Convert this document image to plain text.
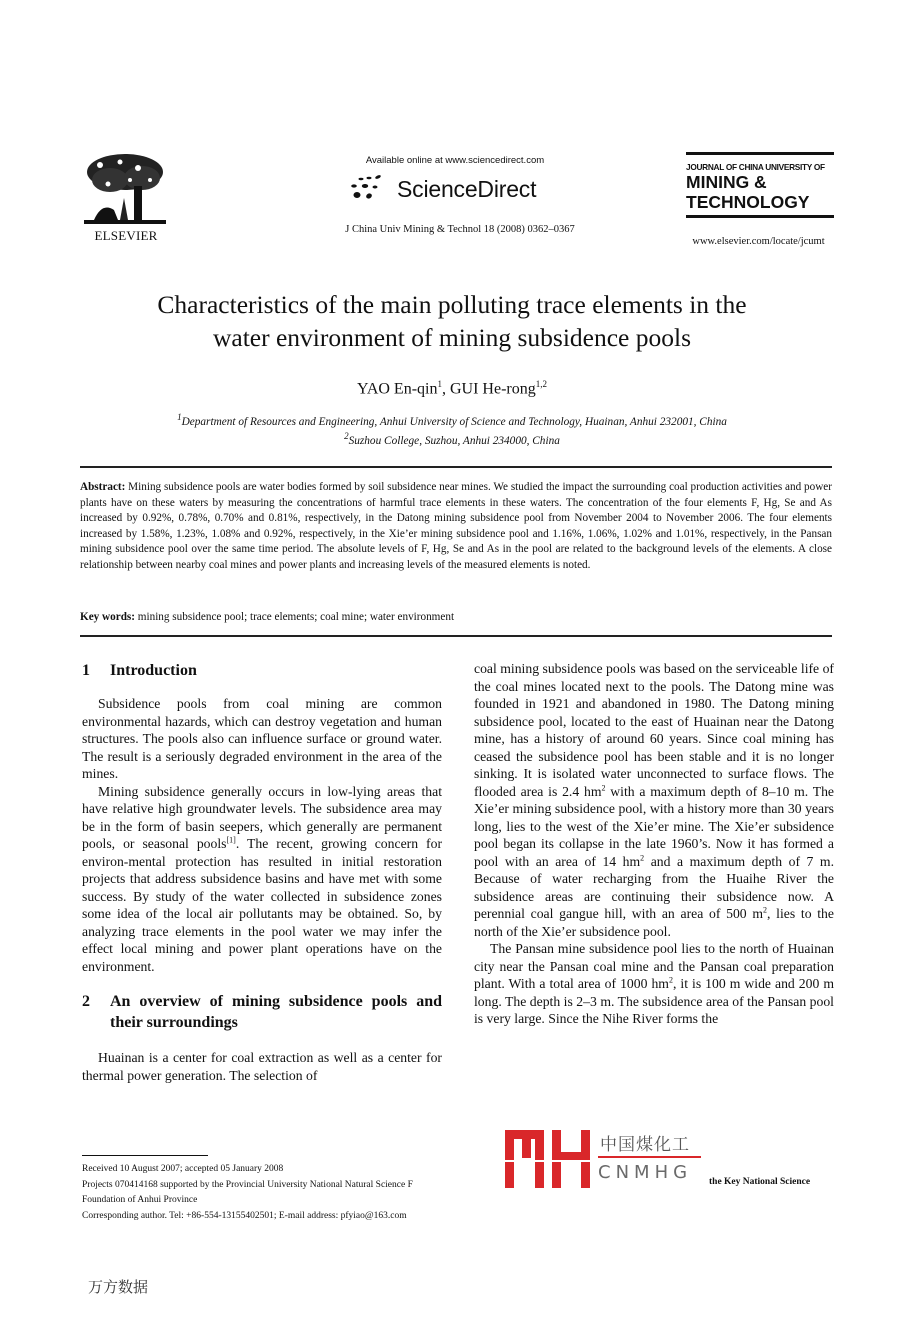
ELSEVIER
Available online at www.sciencedirect.com
ScienceDirect
J China Univ Mining & Technol 18 (2008) 0362–0367
JOURNAL OF CHINA UNIVERSITY OF
MINING &
TECHNOLOGY
www.elsevier.com/locate/jcumt
Characteristics of the main polluting trace elements in the
water environment of mining subsidence pools
YAO En-qin$^1$, GUI He-rong$^{1,2}$
$^1$Department of Resources and Engineering, Anhui University of Science and Technology, Huainan, Anhui 232001, China
$^2$Suzhou College, Suzhou, Anhui 234000, China
Abstract: Mining subsidence pools are water bodies formed by soil subsidence near mines. We studied the impact the surrounding coal production activities and power plants have on these waters by measuring the concentrations of harmful trace elements in these waters. The concentration of the four elements F, Hg, Se and As increased by 0.92%, 0.78%, 0.70% and 0.81%, respectively, in the Datong mining subsidence pool from November 2004 to November 2006. The four elements increased by 1.58%, 1.23%, 1.08% and 0.92%, respectively, in the Xie’er mining subsidence pool and 1.16%, 1.06%, 1.02% and 1.01%, respectively, in the Pansan mining subsidence pool over the same time period. The absolute levels of F, Hg, Se and As in the pool are related to the background levels of the elements. A close relationship between nearby coal mines and power plants and increasing levels of the measured elements is noted.
Key words: mining subsidence pool; trace elements; coal mine; water environment
1	Introduction

Subsidence pools from coal mining are common environmental hazards, which can destroy vegetation and human structures. The pools also can influence surface or ground water. The result is a seriously degraded environment in the area of the mines.

Mining subsidence generally occurs in low-lying areas that have relative high groundwater levels. The subsidence area may be in the form of basin seepers, which generally are permanent pools, or seasonal pools[1]. The recent, growing concern for environ-mental protection has resulted in initial restoration projects that address subsidence basins and have met with some success. By study of the water collected in subsidence zones some idea of the local air pollutants may be obtained. So, by analyzing trace elements in the pool water we may infer the effect local mining and power plant operations have on the environment.

2	An overview of mining subsidence pools and their surroundings

Huainan is a center for coal extraction as well as a center for thermal power generation. The selection of

coal mining subsidence pools was based on the serviceable life of the coal mines located next to the pools. The Datong mine was founded in 1921 and abandoned in 1980. The Datong mining subsidence pool, located to the east of Huainan near the Datong mine, has a history of around 60 years. Since coal mining has ceased the subsidence pool has been stable and it is no longer sinking. It is isolated water unconnected to surface flows. The flooded area is 2.4 $hm^2$ with a maximum depth of 8–10 m. The Xie’er mining subsidence pool, with a history more than 30 years long, lies to the west of the Xie’er mine. The Xie’er subsidence pool began its collapse in the late 1960’s. Now it has formed a pool with an area of 14 $hm^2$ and a maximum depth of 7 m. Because of water recharging from the Huaihe River the subsidence areas are continuing their subsidence now. A perennial coal gangue hill, with an area of 500 $m^2$, lies to the north of the Xie’er subsidence pool.

The Pansan mine subsidence pool lies to the north of Huainan city near the Pansan coal mine and the Pansan coal preparation plant. With a total area of 1000 $hm^2$, it is 100 m wide and 200 m long. The depth is 2–3 m. The subsidence area of the Pansan pool is very large. Since the Nihe River forms the

Received 10 August 2007; accepted 05 January 2008
Projects 070414168 supported by the Provincial University National Natural Science F
Foundation of Anhui Province
Corresponding author. Tel: +86-554-13155402501; E-mail address: pfyiao@163.com
中国煤化工
CNMHG the Key National Science
万方数据
